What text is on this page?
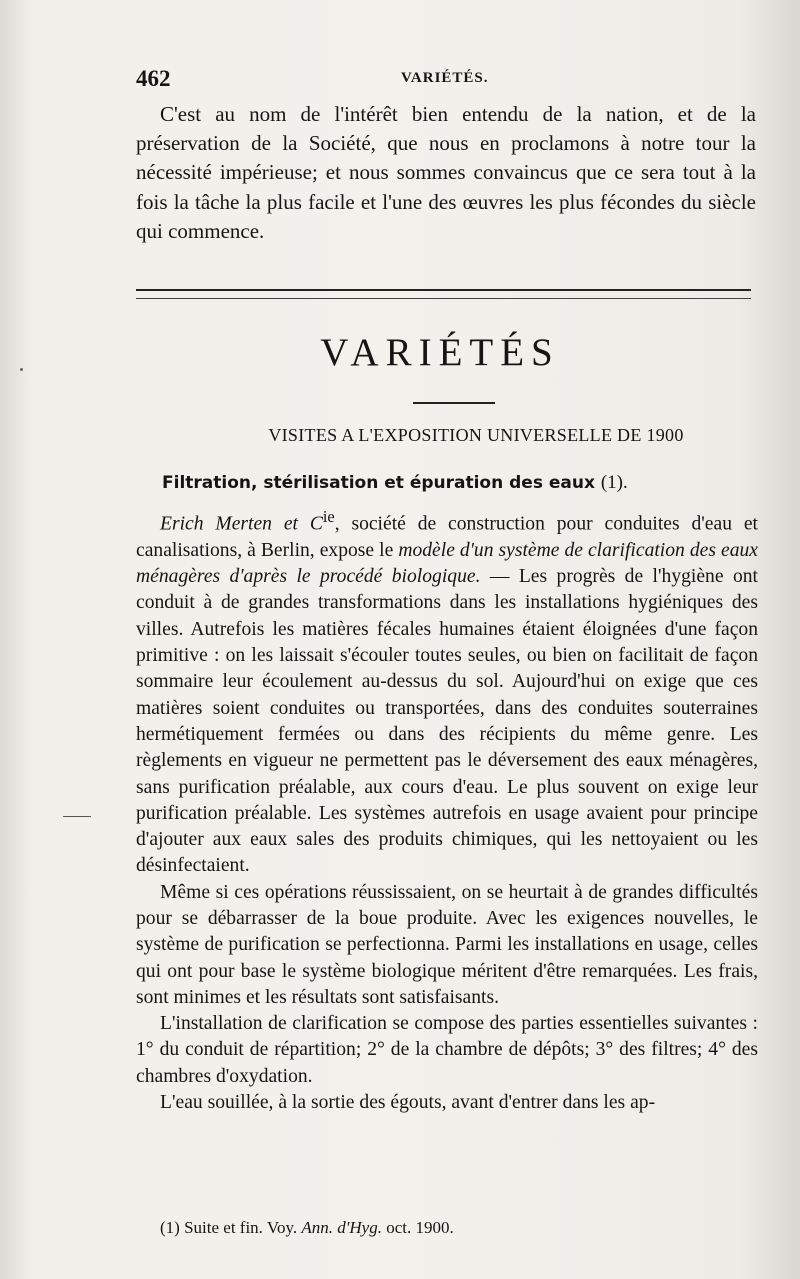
462	VARIÉTÉS.

C'est au nom de l'intérêt bien entendu de la nation, et de la préservation de la Société, que nous en proclamons à notre tour la nécessité impérieuse; et nous sommes convaincus que ce sera tout à la fois la tâche la plus facile et l'une des œuvres les plus fécondes du siècle qui commence.

VARIÉTÉS
VISITES A L'EXPOSITION UNIVERSELLE DE 1900

Filtration, stérilisation et épuration des eaux (1).

Erich Merten et $C^{ie}$, société de construction pour conduites d'eau et canalisations, à Berlin, expose le modèle d'un système de clarification des eaux ménagères d'après le procédé biologique. — Les progrès de l'hygiène ont conduit à de grandes transformations dans les installations hygiéniques des villes. Autrefois les matières fécales humaines étaient éloignées d'une façon primitive : on les laissait s'écouler toutes seules, ou bien on facilitait de façon sommaire leur écoulement au-dessus du sol. Aujourd'hui on exige que ces matières soient conduites ou transportées, dans des conduites souterraines hermétiquement fermées ou dans des récipients du même genre. Les règlements en vigueur ne permettent pas le déversement des eaux ménagères, sans purification préalable, aux cours d'eau. Le plus souvent on exige leur purification préalable. Les systèmes autrefois en usage avaient pour principe d'ajouter aux eaux sales des produits chimiques, qui les nettoyaient ou les désinfectaient.

Même si ces opérations réussissaient, on se heurtait à de grandes difficultés pour se débarrasser de la boue produite. Avec les exigences nouvelles, le système de purification se perfectionna. Parmi les installations en usage, celles qui ont pour base le système biologique méritent d'être remarquées. Les frais, sont minimes et les résultats sont satisfaisants.

L'installation de clarification se compose des parties essentielles suivantes : 1° du conduit de répartition; 2° de la chambre de dépôts; 3° des filtres; 4° des chambres d'oxydation.

L'eau souillée, à la sortie des égouts, avant d'entrer dans les ap-

(1) Suite et fin. Voy. Ann. d'Hyg. oct. 1900.
